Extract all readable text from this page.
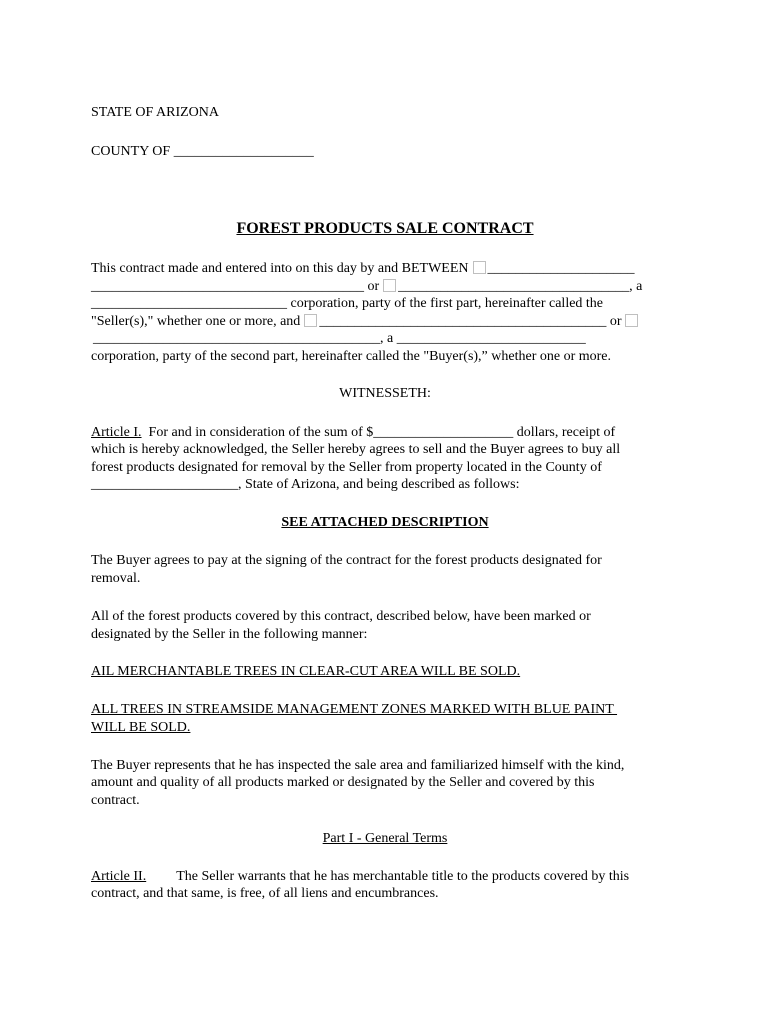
STATE OF ARIZONA
COUNTY OF ____________________
FOREST PRODUCTS SALE CONTRACT
This contract made and entered into on this day by and BETWEEN _____________________
_______________________________________ or _________________________________, a
____________________________ corporation, party of the first part, hereinafter called the
"Seller(s)," whether one or more, and _________________________________________ or
_________________________________________, a ___________________________
corporation, party of the second part, hereinafter called the "Buyer(s),” whether one or more.
WITNESSETH:
Article I.  For and in consideration of the sum of $____________________ dollars, receipt of
which is hereby acknowledged, the Seller hereby agrees to sell and the Buyer agrees to buy all
forest products designated for removal by the Seller from property located in the County of
_____________________, State of Arizona, and being described as follows:
SEE ATTACHED DESCRIPTION
The Buyer agrees to pay at the signing of the contract for the forest products designated for
removal.
All of the forest products covered by this contract, described below, have been marked or
designated by the Seller in the following manner:
AIL MERCHANTABLE TREES IN CLEAR-CUT AREA WILL BE SOLD.
ALL TREES IN STREAMSIDE MANAGEMENT ZONES MARKED WITH BLUE PAINT
WILL BE SOLD.
The Buyer represents that he has inspected the sale area and familiarized himself with the kind,
amount and quality of all products marked or designated by the Seller and covered by this
contract.
Part I - General Terms
Article II. The Seller warrants that he has merchantable title to the products covered by this
contract, and that same, is free, of all liens and encumbrances.
